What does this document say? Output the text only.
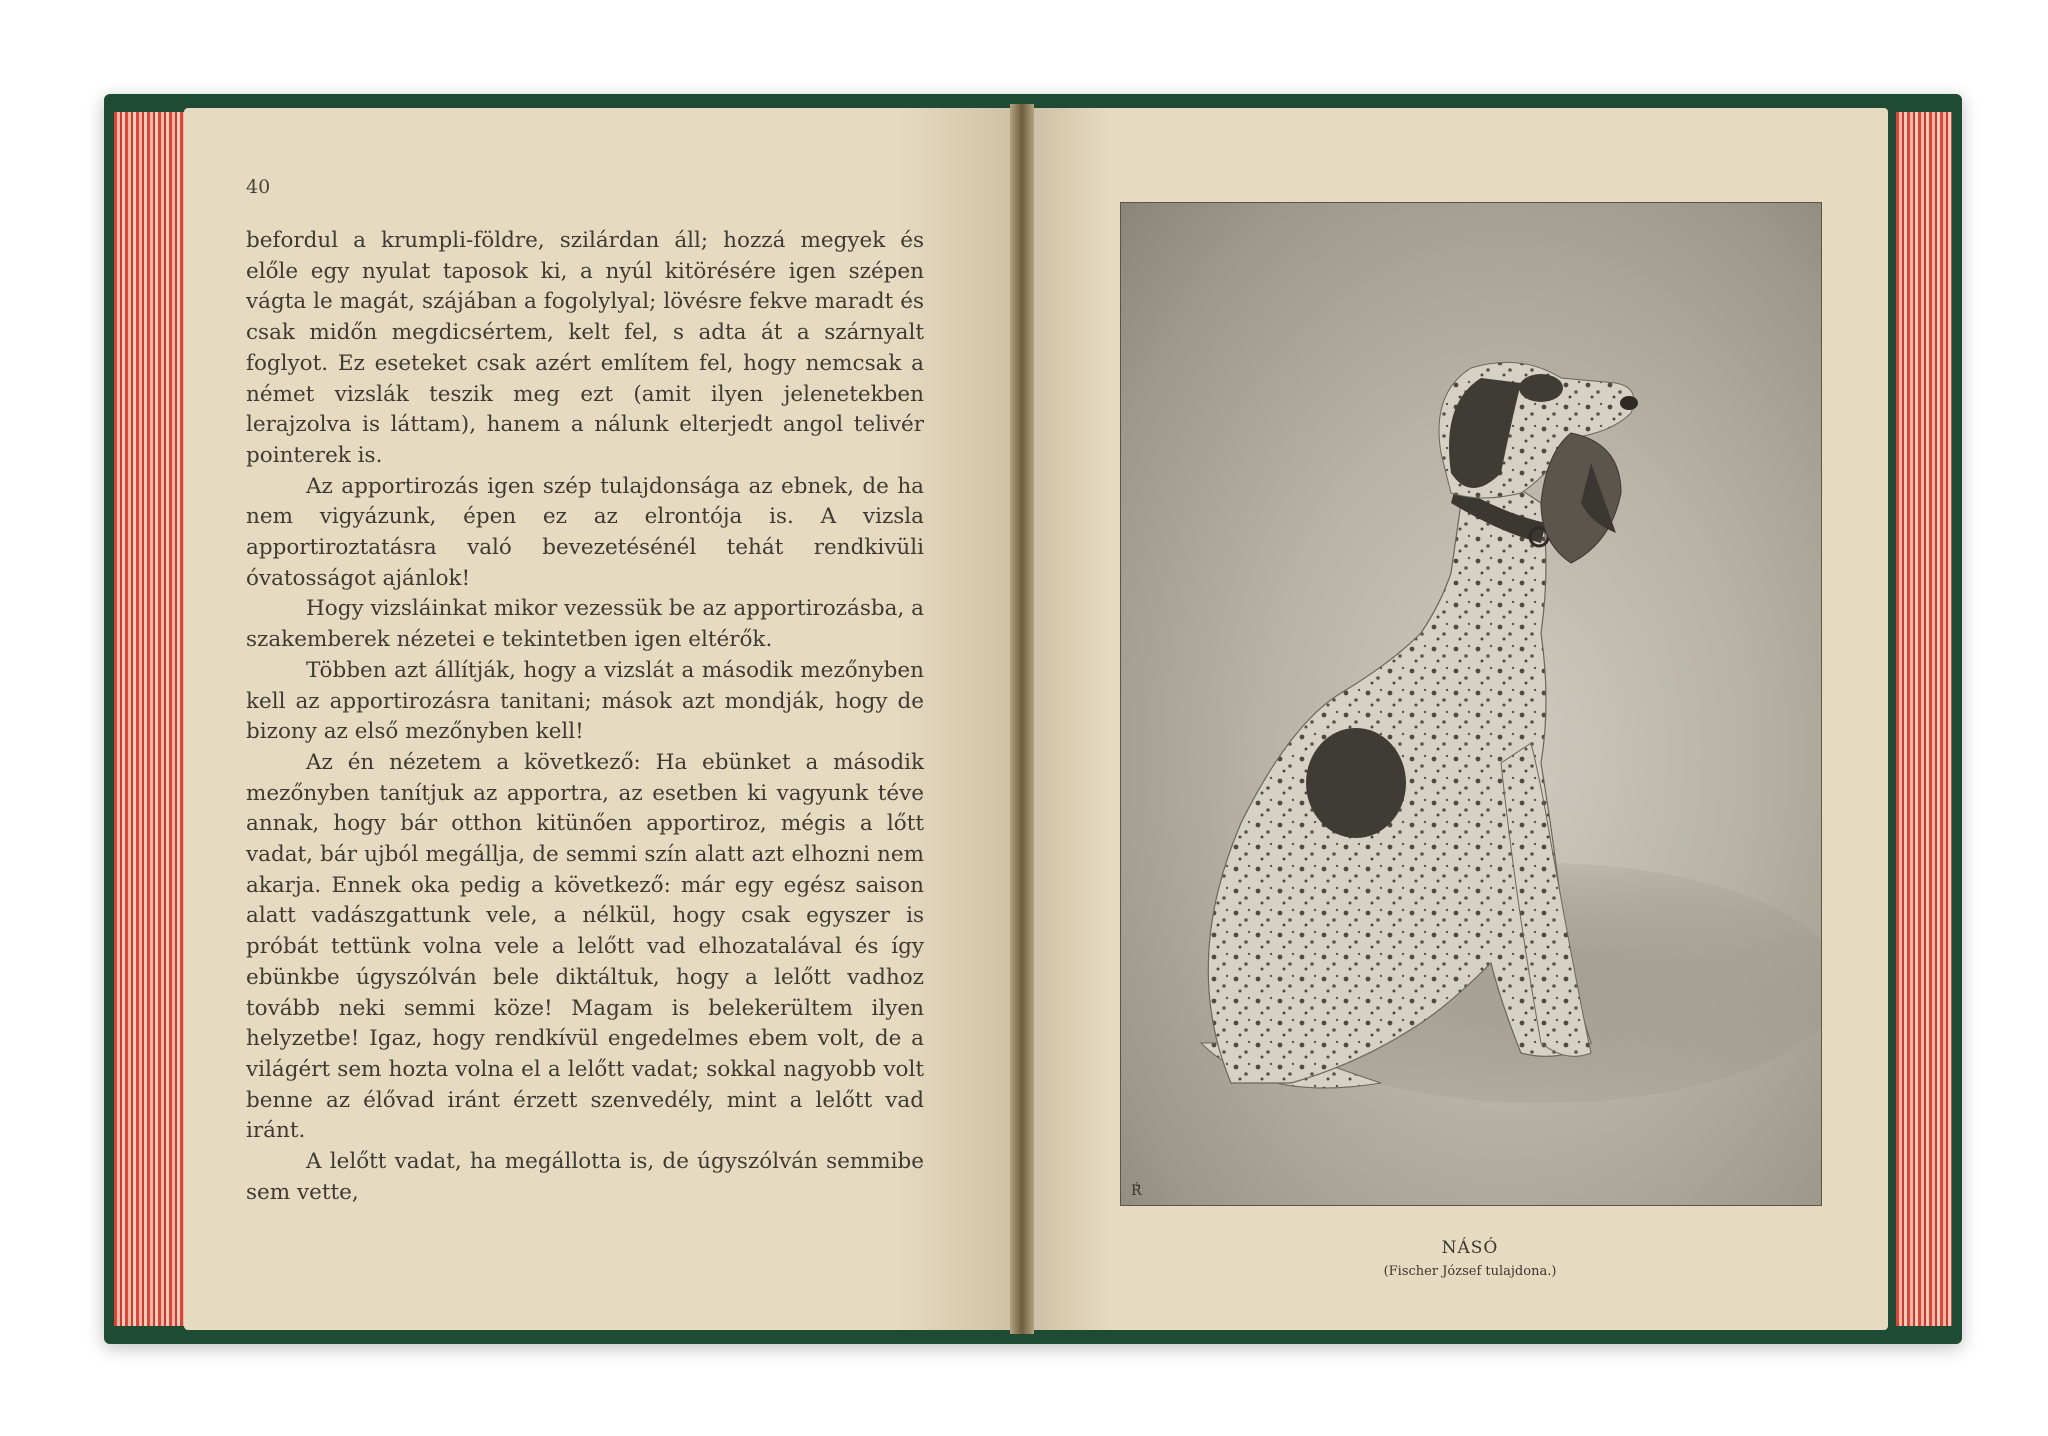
40

befordul a krumpli-földre, szilárdan áll; hozzá megyek és előle egy nyulat taposok ki, a nyúl kitörésére igen szépen vágta le magát, szájában a fogolylyal; lövésre fekve maradt és csak midőn megdicsértem, kelt fel, s adta át a szárnyalt foglyot. Ez eseteket csak azért említem fel, hogy nemcsak a német vizslák teszik meg ezt (amit ilyen jelenetekben lerajzolva is láttam), hanem a nálunk elterjedt angol telivér pointerek is.

Az apportirozás igen szép tulajdonsága az ebnek, de ha nem vigyázunk, épen ez az elrontója is. A vizsla apportiroztatásra való bevezetésénél tehát rendkivüli óvatosságot ajánlok!

Hogy vizsláinkat mikor vezessük be az apportirozásba, a szakemberek nézetei e tekintetben igen eltérők.

Többen azt állítják, hogy a vizslát a második mezőnyben kell az apportirozásra tanitani; mások azt mondják, hogy de bizony az első mezőnyben kell!

Az én nézetem a következő: Ha ebünket a második mezőnyben tanítjuk az apportra, az esetben ki vagyunk téve annak, hogy bár otthon kitünően apportiroz, mégis a lőtt vadat, bár ujból megállja, de semmi szín alatt azt elhozni nem akarja. Ennek oka pedig a következő: már egy egész saison alatt vadászgattunk vele, a nélkül, hogy csak egyszer is próbát tettünk volna vele a lelőtt vad elhozatalával és így ebünkbe úgyszólván bele diktáltuk, hogy a lelőtt vadhoz tovább neki semmi köze! Magam is belekerültem ilyen helyzetbe! Igaz, hogy rendkívül engedelmes ebem volt, de a világért sem hozta volna el a lelőtt vadat; sokkal nagyobb volt benne az élővad iránt érzett szenvedély, mint a lelőtt vad iránt.

A lelőtt vadat, ha megállotta is, de úgyszólván semmibe sem vette,	Ŕ̈
NÁSÓ
(Fischer József tulajdona.)
